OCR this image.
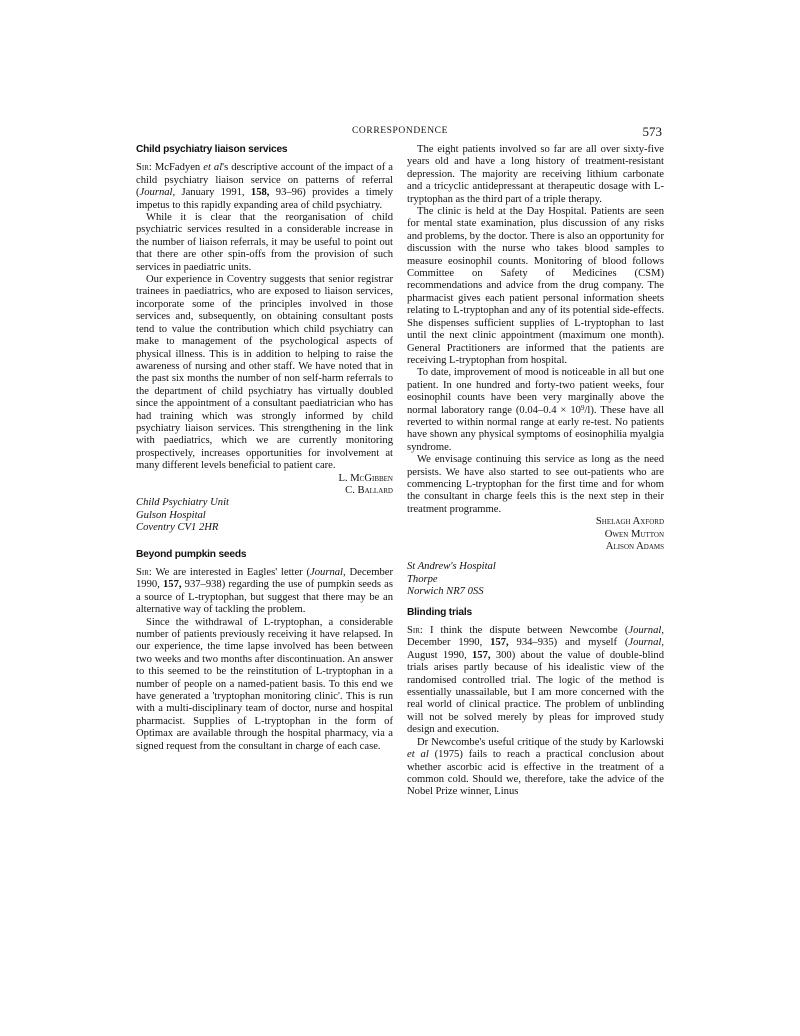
CORRESPONDENCE	573
Child psychiatry liaison services

Sir: McFadyen et al's descriptive account of the impact of a child psychiatry liaison service on patterns of referral (Journal, January 1991, 158, 93–96) provides a timely impetus to this rapidly expanding area of child psychiatry.

While it is clear that the reorganisation of child psychiatric services resulted in a considerable increase in the number of liaison referrals, it may be useful to point out that there are other spin-offs from the provision of such services in paediatric units.

Our experience in Coventry suggests that senior registrar trainees in paediatrics, who are exposed to liaison services, incorporate some of the principles involved in those services and, subsequently, on obtaining consultant posts tend to value the contribution which child psychiatry can make to management of the psychological aspects of physical illness. This is in addition to helping to raise the awareness of nursing and other staff. We have noted that in the past six months the number of non self-harm referrals to the department of child psychiatry has virtually doubled since the appointment of a consultant paediatrician who has had training which was strongly informed by child psychiatry liaison services. This strengthening in the link with paediatrics, which we are currently monitoring prospectively, increases opportunities for involvement at many different levels beneficial to patient care.

L. McGibben
C. Ballard
Child Psychiatry Unit
Gulson Hospital
Coventry CV1 2HR
Beyond pumpkin seeds

Sir: We are interested in Eagles' letter (Journal, December 1990, 157, 937–938) regarding the use of pumpkin seeds as a source of L-tryptophan, but suggest that there may be an alternative way of tackling the problem.

Since the withdrawal of L-tryptophan, a considerable number of patients previously receiving it have relapsed. In our experience, the time lapse involved has been between two weeks and two months after discontinuation. An answer to this seemed to be the reinstitution of L-tryptophan in a number of people on a named-patient basis. To this end we have generated a 'tryptophan monitoring clinic'. This is run with a multi-disciplinary team of doctor, nurse and hospital pharmacist. Supplies of L-tryptophan in the form of Optimax are available through the hospital pharmacy, via a signed request from the consultant in charge of each case.

The eight patients involved so far are all over sixty-five years old and have a long history of treatment-resistant depression. The majority are receiving lithium carbonate and a tricyclic antidepressant at therapeutic dosage with L-tryptophan as the third part of a triple therapy.

The clinic is held at the Day Hospital. Patients are seen for mental state examination, plus discussion of any risks and problems, by the doctor. There is also an opportunity for discussion with the nurse who takes blood samples to measure eosinophil counts. Monitoring of blood follows Committee on Safety of Medicines (CSM) recommendations and advice from the drug company. The pharmacist gives each patient personal information sheets relating to L-tryptophan and any of its potential side-effects. She dispenses sufficient supplies of L-tryptophan to last until the next clinic appointment (maximum one month). General Practitioners are informed that the patients are receiving L-tryptophan from hospital.

To date, improvement of mood is noticeable in all but one patient. In one hundred and forty-two patient weeks, four eosinophil counts have been very marginally above the normal laboratory range $(0.04-0.4 \times 10^9/l)$. These have all reverted to within normal range at early re-test. No patients have shown any physical symptoms of eosinophilia myalgia syndrome.

We envisage continuing this service as long as the need persists. We have also started to see out-patients who are commencing L-tryptophan for the first time and for whom the consultant in charge feels this is the next step in their treatment programme.

Shelagh Axford
Owen Mutton
Alison Adams
St Andrew's Hospital
Thorpe
Norwich NR7 0SS
Blinding trials

Sir: I think the dispute between Newcombe (Journal, December 1990, 157, 934–935) and myself (Journal, August 1990, 157, 300) about the value of double-blind trials arises partly because of his idealistic view of the randomised controlled trial. The logic of the method is essentially unassailable, but I am more concerned with the real world of clinical practice. The problem of unblinding will not be solved merely by pleas for improved study design and execution.

Dr Newcombe's useful critique of the study by Karlowski et al (1975) fails to reach a practical conclusion about whether ascorbic acid is effective in the treatment of a common cold. Should we, therefore, take the advice of the Nobel Prize winner, Linus
